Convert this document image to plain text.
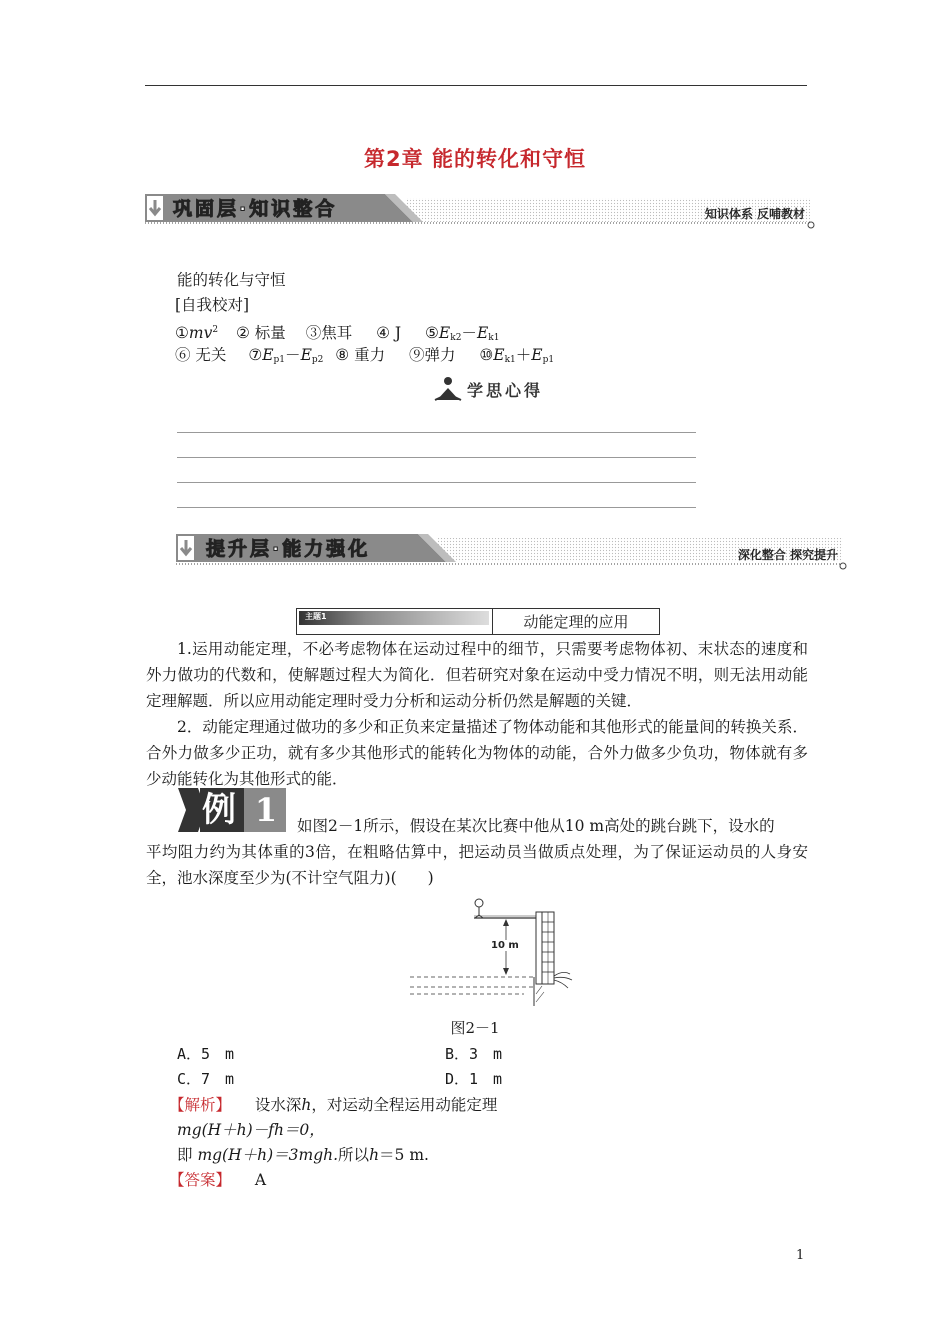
第2章 能的转化和守恒
巩固层·知识整合	知识体系 反哺教材
能的转化与守恒
[自我校对]
$①mv^2$ ② 标量 ③焦耳 ④ J $⑤E_{k2}-E_{k1}$
⑥ 无关 $⑦E_{p1}-E_{p2}$ ⑧ 重力 ⑨弹力 $⑩E_{k1}+E_{p1}$
学思心得
提升层·能力强化	深化整合 探究提升
主题1	动能定理的应用
1.运用动能定理，不必考虑物体在运动过程中的细节，只需要考虑物体初、末状态的速度和外力做功的代数和，使解题过程大为简化．但若研究对象在运动中受力情况不明，则无法用动能定理解题．所以应用动能定理时受力分析和运动分析仍然是解题的关键．
2．动能定理通过做功的多少和正负来定量描述了物体动能和其他形式的能量间的转换关系．合外力做多少正功，就有多少其他形式的能转化为物体的动能，合外力做多少负功，物体就有多少动能转化为其他形式的能．
例 1	如图2－1所示，假设在某次比赛中他从10 m高处的跳台跳下，设水的
平均阻力约为其体重的3倍，在粗略估算中，把运动员当做质点处理，为了保证运动员的人身安全，池水深度至少为(不计空气阻力)(　　)
10 m
图2－1
A．5　m	B．3　m
C．7　m	D．1　m
【解析】 设水深h，对运动全程运用动能定理
mg(H＋h)－fh＝0，
即 mg(H＋h)＝3mgh.所以h＝5 m.
【答案】 A
1
